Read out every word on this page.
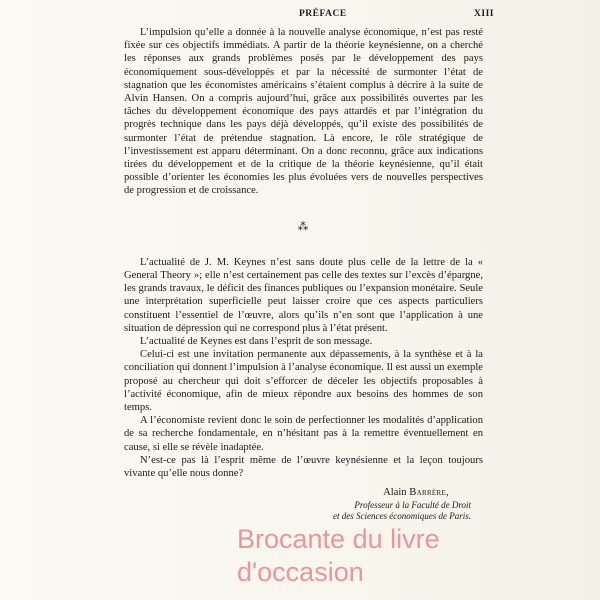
PRÉFACE	XIII

L’impulsion qu’elle a donnée à la nouvelle analyse économique, n’est pas resté fixée sur ces objectifs immédiats. A partir de la théorie keynésienne, on a cherché les réponses aux grands problèmes posés par le développement des pays économiquement sous-développés et par la nécessité de surmonter l’état de stagnation que les économistes américains s’étaient complus à décrire à la suite de Alvin Hansen. On a compris aujourd’hui, grâce aux possibilités ouvertes par les tâches du développement économique des pays attardés et par l’intégration du progrès technique dans les pays déjà développés, qu’il existe des possibilités de surmonter l’état de prétendue stagnation. Là encore, le rôle stratégique de l’investissement est apparu déterminant. On a donc reconnu, grâce aux indications tirées du développement et de la critique de la théorie keynésienne, qu’il était possible d’orienter les économies les plus évoluées vers de nouvelles perspectives de progression et de croissance.

⁂

L’actualité de J. M. Keynes n’est sans doute plus celle de la lettre de la « General Theory »; elle n’est certainement pas celle des textes sur l’excès d’épargne, les grands travaux, le déficit des finances publiques ou l’expansion monétaire. Seule une interprétation superficielle peut laisser croire que ces aspects particuliers constituent l’essentiel de l’œuvre, alors qu’ils n’en sont que l’application à une situation de dépression qui ne correspond plus à l’état présent.

L’actualité de Keynes est dans l’esprit de son message.

Celui-ci est une invitation permanente aux dépassements, à la synthèse et à la conciliation qui donnent l’impulsion à l’analyse économique. Il est aussi un exemple proposé au chercheur qui doit s’efforcer de déceler les objectifs proposables à l’activité économique, afin de mieux répondre aux besoins des hommes de son temps.

A l’économiste revient donc le soin de perfectionner les modalités d’application de sa recherche fondamentale, en n’hésitant pas à la remettre éventuellement en cause, si elle se révèle inadaptée.

N’est-ce pas là l’esprit même de l’œuvre keynésienne et la leçon toujours vivante qu’elle nous donne?

Alain Barrère,
Professeur à la Faculté de Droit
et des Sciences économiques de Paris.
Brocante du livre
d'occasion
